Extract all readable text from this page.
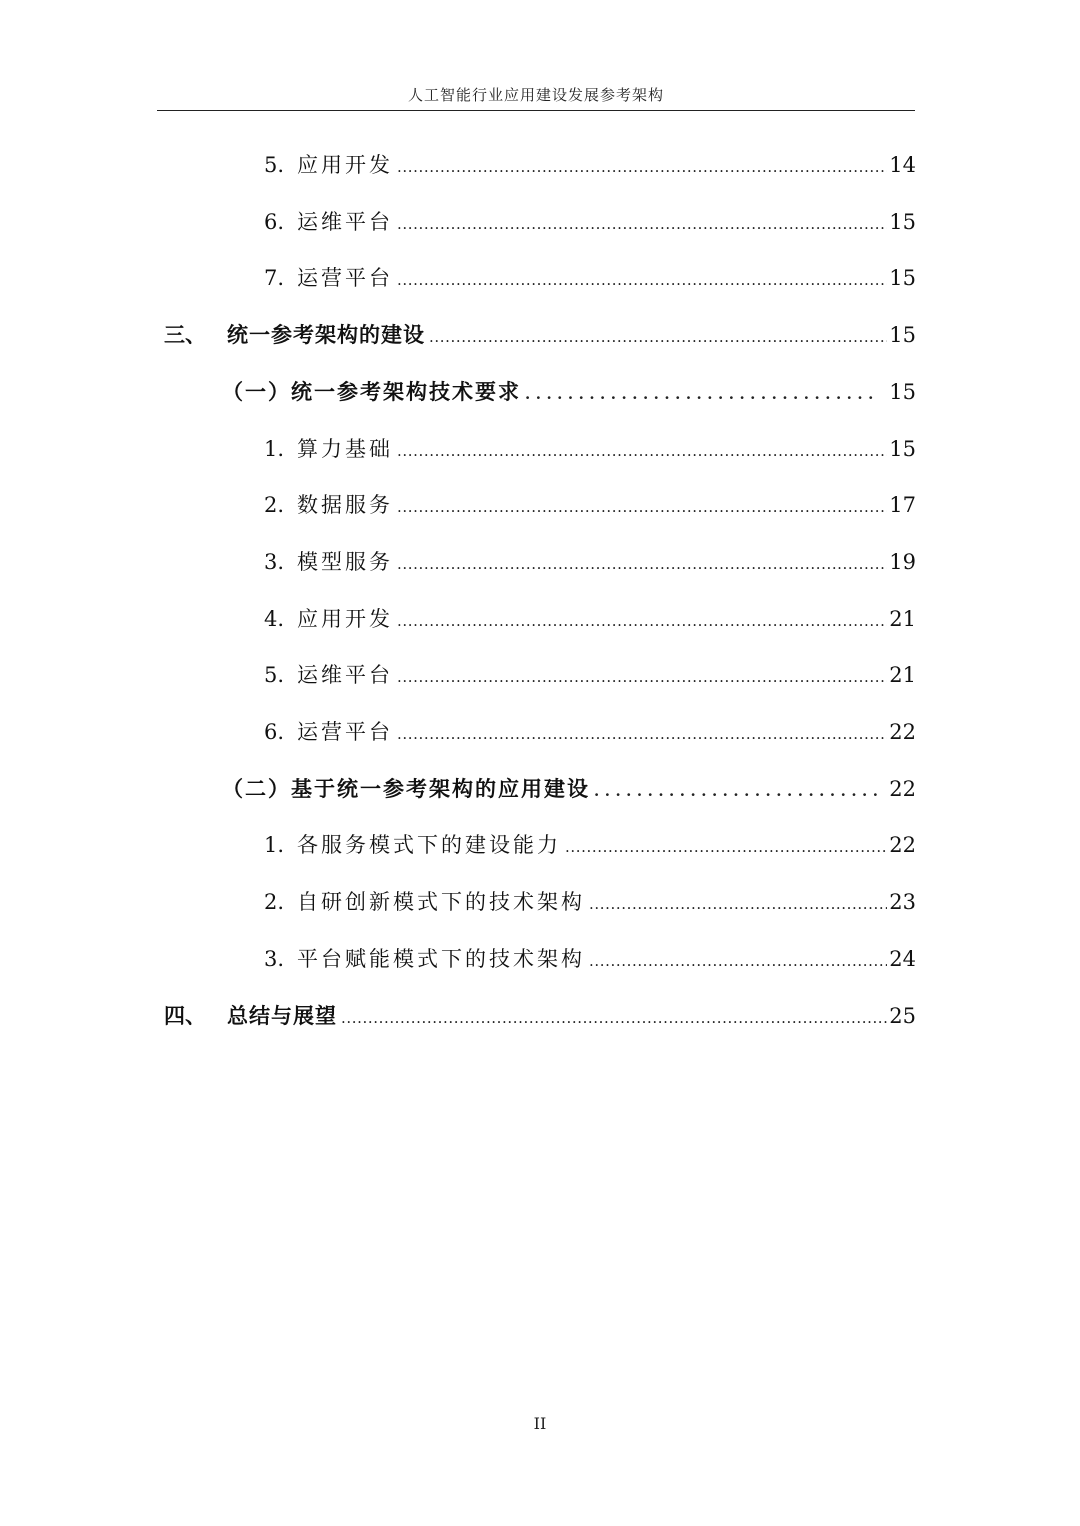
人工智能行业应用建设发展参考架构
5. 应用开发 .....	14
6. 运维平台 .....	15
7. 运营平台 .....	15
三、	统一参考架构的建设 .....	15
（一）统一参考架构技术要求 .....	15
1. 算力基础 .....	15
2. 数据服务 .....	17
3. 模型服务 .....	19
4. 应用开发 .....	21
5. 运维平台 .....	21
6. 运营平台 .....	22
（二）基于统一参考架构的应用建设 .....	22
1. 各服务模式下的建设能力 .....	22
2. 自研创新模式下的技术架构 .....	23
3. 平台赋能模式下的技术架构 .....	24
四、	总结与展望 .....	25
II
